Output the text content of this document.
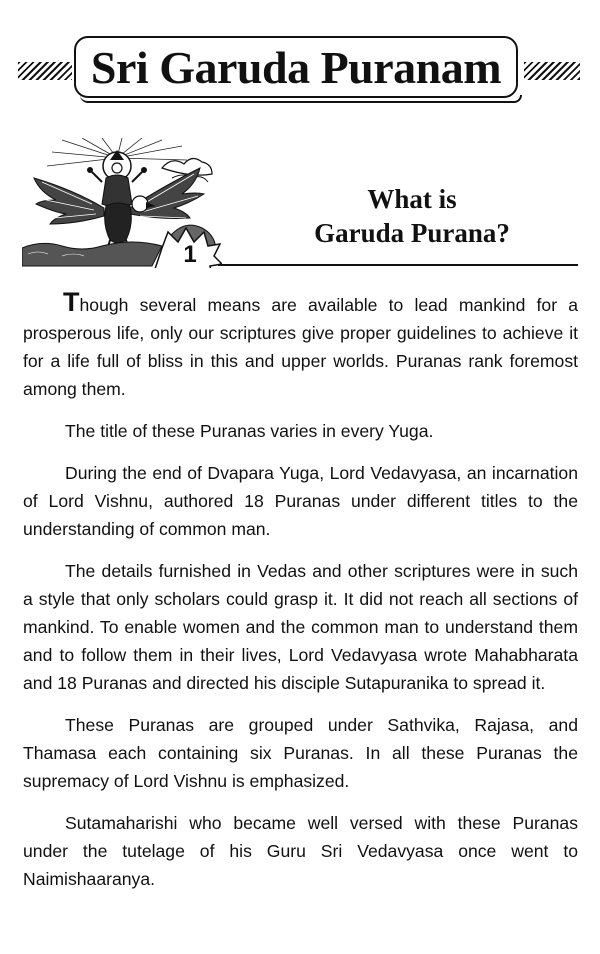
Sri Garuda Puranam
1
What is
Garuda Purana?

Though several means are available to lead mankind for a prosperous life, only our scriptures give proper guidelines to achieve it for a life full of bliss in this and upper worlds. Puranas rank foremost among them.

The title of these Puranas varies in every Yuga.

During the end of Dvapara Yuga, Lord Vedavyasa, an incarnation of Lord Vishnu, authored 18 Puranas under different titles to the understanding of common man.

The details furnished in Vedas and other scriptures were in such a style that only scholars could grasp it. It did not reach all sections of mankind. To enable women and the common man to understand them and to follow them in their lives, Lord Vedavyasa wrote Mahabharata and 18 Puranas and directed his disciple Sutapuranika to spread it.

These Puranas are grouped under Sathvika, Rajasa, and Thamasa each containing six Puranas. In all these Puranas the supremacy of Lord Vishnu is emphasized.

Sutamaharishi who became well versed with these Puranas under the tutelage of his Guru Sri Vedavyasa once went to Naimishaaranya.
